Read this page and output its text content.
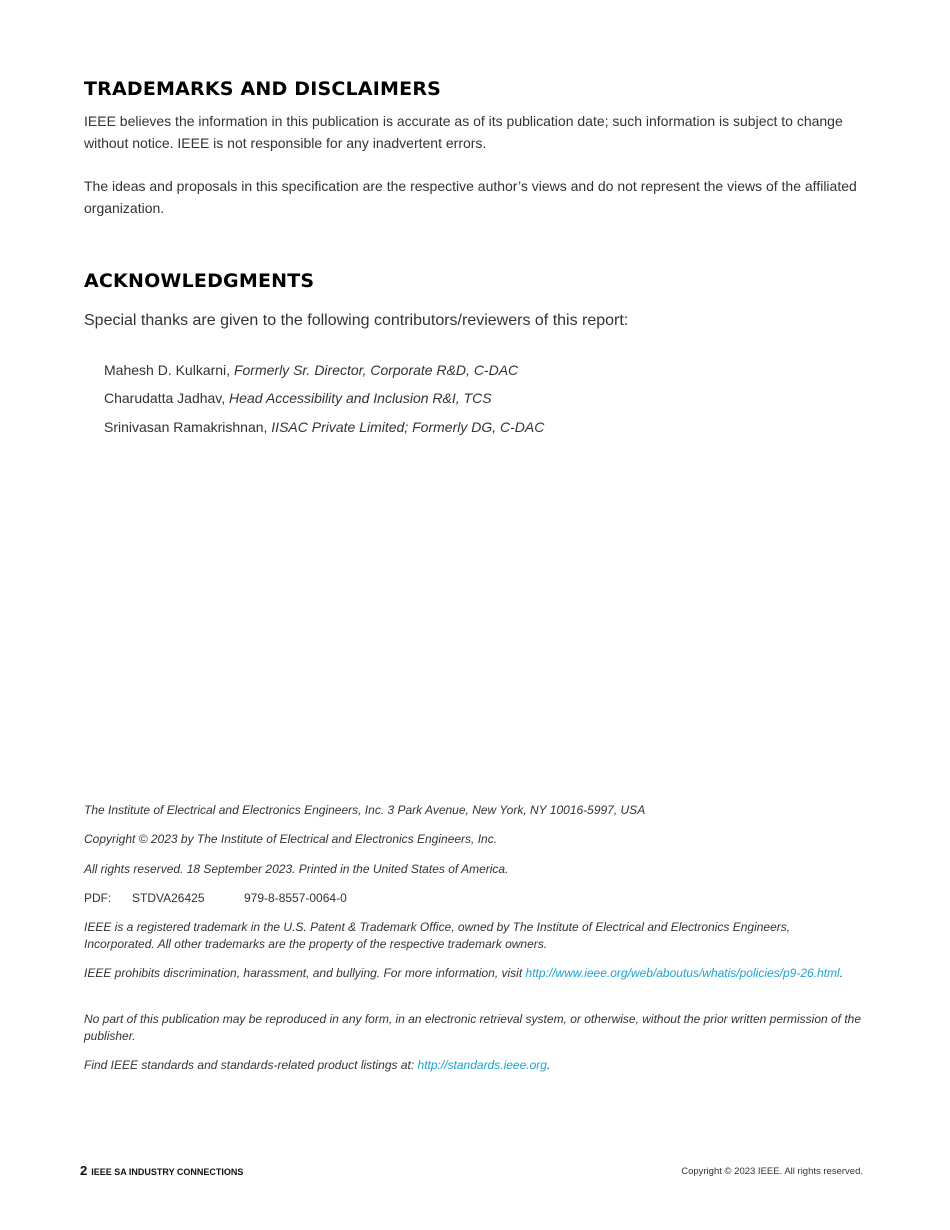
TRADEMARKS AND DISCLAIMERS

IEEE believes the information in this publication is accurate as of its publication date; such information is subject to change without notice. IEEE is not responsible for any inadvertent errors.

The ideas and proposals in this specification are the respective author’s views and do not represent the views of the affiliated organization.

ACKNOWLEDGMENTS

Special thanks are given to the following contributors/reviewers of this report:

Mahesh D. Kulkarni, Formerly Sr. Director, Corporate R&D, C-DAC

Charudatta Jadhav, Head Accessibility and Inclusion R&I, TCS

Srinivasan Ramakrishnan, IISAC Private Limited; Formerly DG, C-DAC

The Institute of Electrical and Electronics Engineers, Inc. 3 Park Avenue, New York, NY 10016-5997, USA

Copyright © 2023 by The Institute of Electrical and Electronics Engineers, Inc.

All rights reserved. 18 September 2023. Printed in the United States of America.

PDF: STDVA26425	979-8-8557-0064-0

IEEE is a registered trademark in the U.S. Patent & Trademark Office, owned by The Institute of Electrical and Electronics Engineers, Incorporated. All other trademarks are the property of the respective trademark owners.

IEEE prohibits discrimination, harassment, and bullying. For more information, visit http://www.ieee.org/web/aboutus/whatis/policies/p9-26.html.

No part of this publication may be reproduced in any form, in an electronic retrieval system, or otherwise, without the prior written permission of the publisher.

Find IEEE standards and standards-related product listings at: http://standards.ieee.org.

2 IEEE SA INDUSTRY CONNECTIONS	Copyright © 2023 IEEE. All rights reserved.
